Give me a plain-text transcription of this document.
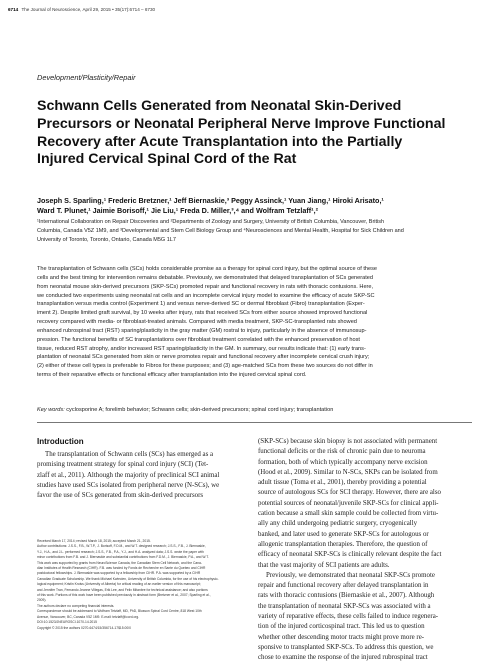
6714 The Journal of Neuroscience, April 29, 2015 • 35(17):6714 – 6730
Development/Plasticity/Repair
Schwann Cells Generated from Neonatal Skin-Derived
Precursors or Neonatal Peripheral Nerve Improve Functional
Recovery after Acute Transplantation into the Partially
Injured Cervical Spinal Cord of the Rat
Joseph S. Sparling,¹ Frederic Bretzner,¹ Jeff Biernaskie,³ Peggy Assinck,¹ Yuan Jiang,¹ Hiroki Arisato,¹
Ward T. Plunet,¹ Jaimie Borisoff,¹ Jie Liu,¹ Freda D. Miller,³,⁴ and Wolfram Tetzlaff¹,²
¹International Collaboration on Repair Discoveries and ²Departments of Zoology and Surgery, University of British Columbia, Vancouver, British
Columbia, Canada V5Z 1M9, and ³Developmental and Stem Cell Biology Group and ⁴Neurosciences and Mental Health, Hospital for Sick Children and
University of Toronto, Toronto, Ontario, Canada M5G 1L7
The transplantation of Schwann cells (SCs) holds considerable promise as a therapy for spinal cord injury, but the optimal source of these
cells and the best timing for intervention remains debatable. Previously, we demonstrated that delayed transplantation of SCs generated
from neonatal mouse skin-derived precursors (SKP-SCs) promoted repair and functional recovery in rats with thoracic contusions. Here,
we conducted two experiments using neonatal rat cells and an incomplete cervical injury model to examine the efficacy of acute SKP-SC
transplantation versus media control (Experiment 1) and versus nerve-derived SC or dermal fibroblast (Fibro) transplantation (Exper-
iment 2). Despite limited graft survival, by 10 weeks after injury, rats that received SCs from either source showed improved functional
recovery compared with media- or fibroblast-treated animals. Compared with media treatment, SKP-SC-transplanted rats showed
enhanced rubrospinal tract (RST) sparing/plasticity in the gray matter (GM) rostral to injury, particularly in the absence of immunosup-
pression. The functional benefits of SC transplantations over fibroblast treatment correlated with the enhanced preservation of host
tissue, reduced RST atrophy, and/or increased RST sparing/plasticity in the GM. In summary, our results indicate that: (1) early trans-
plantation of neonatal SCs generated from skin or nerve promotes repair and functional recovery after incomplete cervical crush injury;
(2) either of these cell types is preferable to Fibros for these purposes; and (3) age-matched SCs from these two sources do not differ in
terms of their reparative effects or functional efficacy after transplantation into the injured cervical spinal cord.
Key words: cyclosporine A; forelimb behavior; Schwann cells; skin-derived precursors; spinal cord injury; transplantation
Introduction
The transplantation of Schwann cells (SCs) has emerged as a
promising treatment strategy for spinal cord injury (SCI) (Tet-
zlaff et al., 2011). Although the majority of preclinical SCI animal
studies have used SCs isolated from peripheral nerve (N-SCs), we
favor the use of SCs generated from skin-derived precursors
Received March 17, 2014; revised March 18, 2015; accepted March 21, 2015.
Author contributions: J.S.S., F.B., W.T.P., J. Borisoff, F.D.M., and W.T. designed research; J.S.S., F.B., J. Biernaskie,
Y.J., H.A., and J.L. performed research; J.S.S., F.B., P.A., Y.J., and H.A. analyzed data; J.S.S. wrote the paper with
minor contributions from F.B. and J. Biernaskie and substantial contributions from F.D.M., J. Biernaskie, P.A., and W.T.
This work was supported by grants from NeuroScience Canada, the Canadian Stem Cell Network, and the Cana-
dian Institutes of Health Research (CIHR). F.B. was funded by Fonds de Recherche en Sante du Quebec and CIHR
postdoctoral fellowships. J. Biernaskie was supported by a fellowship from CIHR. P.A. was supported by a CIHR
Canadian Graduate Scholarship. We thank Michael Kwiecien, University of British Columbia, for the use of his electrophysio-
logical equipment; Kristin Kroiss (University of Alberta) for critical reading of an earlier version of this manuscript;
and Jennifer Tran, Fernando Jeanne Villegas, Erik Lee, and Felix Mitanbre for technical assistance; and also portions
of this work. Portions of this work have been published previously in abstract form (Bretzner et al., 2007; Sparling et al.,
2009).
The authors declare no competing financial interests.
Correspondence should be addressed to Wolfram Tetzlaff, MD, PhD, Blusson Spinal Cord Centre, 818 West 10th
Avenue, Vancouver, BC, Canada V5Z 1M9. E-mail: tetzlaff@icord.org.
DOI:10.1523/JNEUROSCI.1070-14.2015
Copyright © 2015 the authors 0270-6474/15/356714-17$15.00/0
(SKP-SCs) because skin biopsy is not associated with permanent
functional deficits or the risk of chronic pain due to neuroma
formation, both of which typically accompany nerve excision
(Hood et al., 2009). Similar to N-SCs, SKPs can be isolated from
adult tissue (Toma et al., 2001), thereby providing a potential
source of autologous SCs for SCI therapy. However, there are also
potential sources of neonatal/juvenile SKP-SCs for clinical appli-
cation because a small skin sample could be collected from virtu-
ally any child undergoing pediatric surgery, cryogenically
banked, and later used to generate SKP-SCs for autologous or
allogenic transplantation therapies. Therefore, the question of
efficacy of neonatal SKP-SCs is clinically relevant despite the fact
that the vast majority of SCI patients are adults.
Previously, we demonstrated that neonatal SKP-SCs promote
repair and functional recovery after delayed transplantation in
rats with thoracic contusions (Biernaskie et al., 2007). Although
the transplantation of neonatal SKP-SCs was associated with a
variety of reparative effects, these cells failed to induce regenera-
tion of the injured corticospinal tract. This led us to question
whether other descending motor tracts might prove more re-
sponsive to transplanted SKP-SCs. To address this question, we
chose to examine the response of the injured rubrospinal tract
